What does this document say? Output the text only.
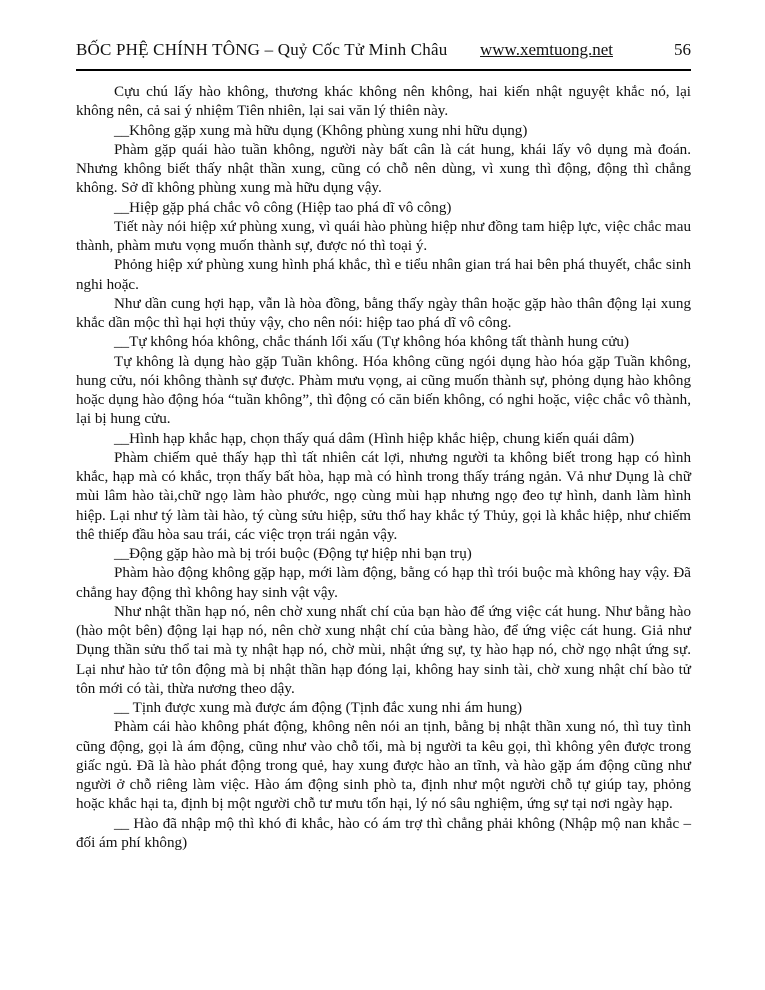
BỐC PHỆ CHÍNH TÔNG – Quỷ Cốc Tử Minh Châu www.xemtuong.net	56

Cựu chú lấy hào không, thương khác không nên không, hai kiến nhật nguyệt khắc nó, lại không nên, cả sai ý nhiệm Tiên nhiên, lại sai văn lý thiên này.

__Không gặp xung mà hữu dụng (Không phùng xung nhi hữu dụng)

Phàm gặp quái hào tuần không, người này bất cân là cát hung, khái lấy vô dụng mà đoán. Nhưng không biết thấy nhật thần xung, cũng có chỗ nên dùng, vì xung thì động, động thì chẳng không. Sở dĩ không phùng xung mà hữu dụng vậy.

__Hiệp gặp phá chắc vô công (Hiệp tao phá dĩ vô công)

Tiết này nói hiệp xứ phùng xung, vì quái hào phùng hiệp như đồng tam hiệp lực, việc chắc mau thành, phàm mưu vọng muốn thành sự, được nó thì toại ý.

Phỏng hiệp xứ phùng xung hình phá khắc, thì e tiểu nhân gian trá hai bên phá thuyết, chắc sinh nghi hoặc.

Như dần cung hợi hạp, vẫn là hòa đồng, bằng thấy ngày thân hoặc gặp hào thân động lại xung khắc dần mộc thì hại hợi thủy vậy, cho nên nói: hiệp tao phá dĩ vô công.

__Tự không hóa không, chắc thánh lối xấu (Tự không hóa không tất thành hung cửu)

Tự không là dụng hào gặp Tuần không. Hóa không cũng ngói dụng hào hóa gặp Tuần không, hung cửu, nói không thành sự được. Phàm mưu vọng, ai cũng muốn thành sự, phỏng dụng hào không hoặc dụng hào động hóa “tuần không”, thì động có căn biến không, có nghi hoặc, việc chắc vô thành, lại bị hung cửu.

__Hình hạp khắc hạp, chọn thấy quá dâm (Hình hiệp khắc hiệp, chung kiến quái dâm)

Phàm chiếm quẻ thấy hạp thì tất nhiên cát lợi, nhưng người ta không biết trong hạp có hình khắc, hạp mà có khắc, trọn thấy bất hòa, hạp mà có hình trong thấy tráng ngản. Vả như Dụng là chữ mùi lâm hào tài,chữ ngọ làm hào phước, ngọ cùng mùi hạp nhưng ngọ đeo tự hình, danh làm hình hiệp. Lại như tý làm tài hào, tý cùng sửu hiệp, sửu thổ hay khắc tý Thủy, gọi là khắc hiệp, như chiếm thê thiếp đầu hòa sau trái, các việc trọn trái ngản vậy.

__Động gặp hào mà bị trói buộc (Động tự hiệp nhi bạn trụ)

Phàm hào động không gặp hạp, mới làm động, bằng có hạp thì trói buộc mà không hay vậy. Đã chẳng hay động thì không hay sinh vật vậy.

Như nhật thần hạp nó, nên chờ xung nhất chí của bạn hào để ứng việc cát hung. Như bằng hào (hào một bên) động lại hạp nó, nên chờ xung nhật chí của bàng hào, để ứng việc cát hung. Giả như Dụng thần sửu thổ tai mà tỵ nhật hạp nó, chờ mùi, nhật ứng sự, tỵ hào hạp nó, chờ ngọ nhật ứng sự. Lại như hào tử tôn động mà bị nhật thần hạp đóng lại, không hay sinh tài, chờ xung nhật chí bào tử tôn mới có tài, thừa nương theo dậy.

__ Tịnh được xung mà được ám động (Tịnh đắc xung nhi ám hung)

Phàm cái hào không phát động, không nên nói an tịnh, bằng bị nhật thần xung nó, thì tuy tình cũng động, gọi là ám động, cũng như vào chỗ tối, mà bị người ta kêu gọi, thì không yên được trong giấc ngủ. Đã là hào phát động trong quẻ, hay xung được hào an tĩnh, và hào gặp ám động cũng như người ở chỗ riêng làm việc. Hào ám động sinh phò ta, định như một người chỗ tự giúp tay, phỏng hoặc khắc hại ta, định bị một người chỗ tư mưu tổn hại, lý nó sâu nghiệm, ứng sự tại nơi ngày hạp.

__ Hào đã nhập mộ thì khó đi khắc, hào có ám trợ thì chẳng phải không (Nhập mộ nan khắc – đối ám phí không)
